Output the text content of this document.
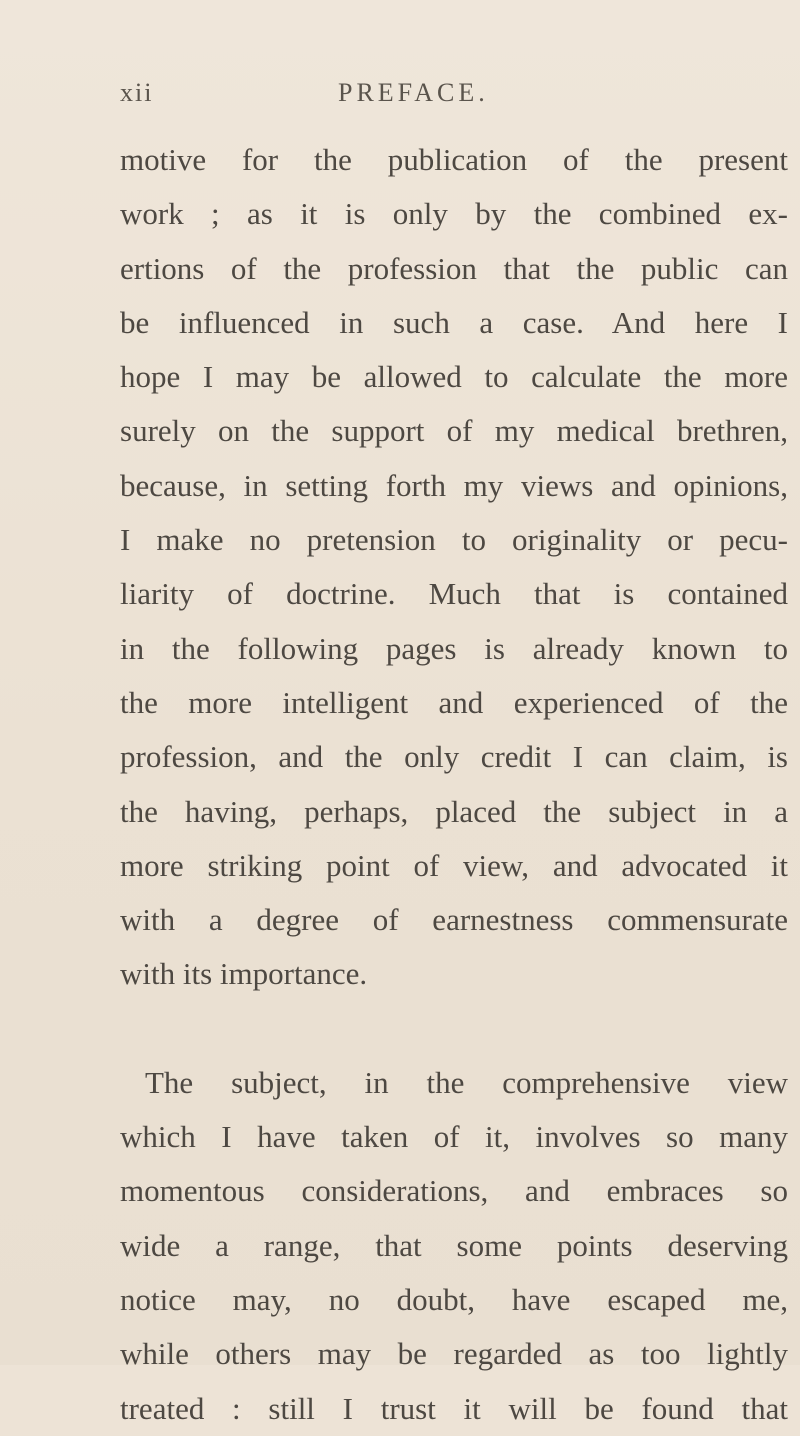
xii	PREFACE.
motive for the publication of the present
work ; as it is only by the combined ex-
ertions of the profession that the public can
be influenced in such a case. And here I
hope I may be allowed to calculate the more
surely on the support of my medical brethren,
because, in setting forth my views and opinions,
I make no pretension to originality or pecu-
liarity of doctrine. Much that is contained
in the following pages is already known to
the more intelligent and experienced of the
profession, and the only credit I can claim, is
the having, perhaps, placed the subject in a
more striking point of view, and advocated it
with a degree of earnestness commensurate
with its importance.
The subject, in the comprehensive view
which I have taken of it, involves so many
momentous considerations, and embraces so
wide a range, that some points deserving
notice may, no doubt, have escaped me,
while others may be regarded as too lightly
treated : still I trust it will be found that
